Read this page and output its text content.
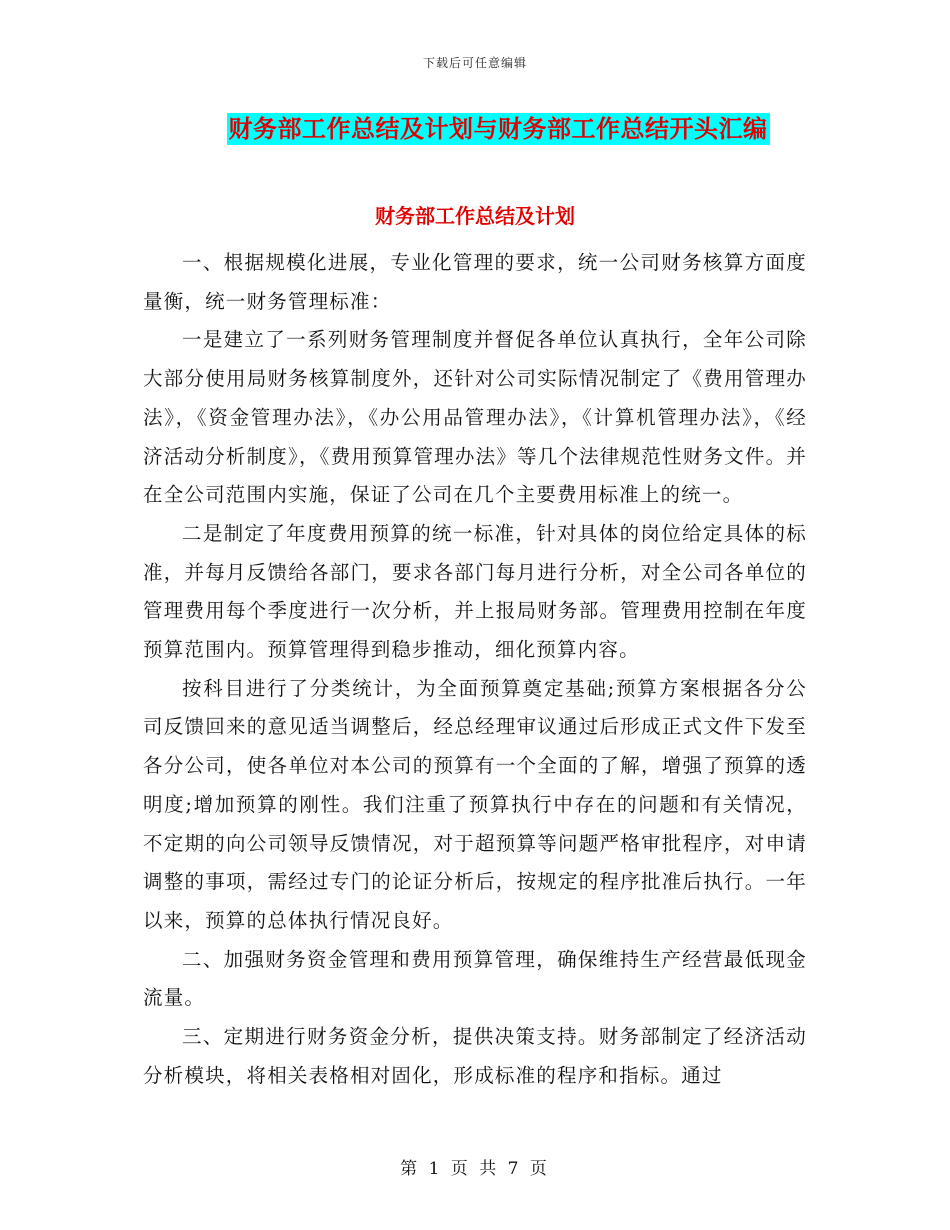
下载后可任意编辑
财务部工作总结及计划与财务部工作总结开头汇编
财务部工作总结及计划

一、根据规模化进展，专业化管理的要求，统一公司财务核算方面度量衡，统一财务管理标准：

一是建立了一系列财务管理制度并督促各单位认真执行，全年公司除大部分使用局财务核算制度外，还针对公司实际情况制定了《费用管理办法》，《资金管理办法》，《办公用品管理办法》，《计算机管理办法》，《经济活动分析制度》，《费用预算管理办法》等几个法律规范性财务文件。并在全公司范围内实施，保证了公司在几个主要费用标准上的统一。

二是制定了年度费用预算的统一标准，针对具体的岗位给定具体的标准，并每月反馈给各部门，要求各部门每月进行分析，对全公司各单位的管理费用每个季度进行一次分析，并上报局财务部。管理费用控制在年度预算范围内。预算管理得到稳步推动，细化预算内容。

按科目进行了分类统计，为全面预算奠定基础;预算方案根据各分公司反馈回来的意见适当调整后，经总经理审议通过后形成正式文件下发至各分公司，使各单位对本公司的预算有一个全面的了解，增强了预算的透明度;增加预算的刚性。我们注重了预算执行中存在的问题和有关情况，不定期的向公司领导反馈情况，对于超预算等问题严格审批程序，对申请调整的事项，需经过专门的论证分析后，按规定的程序批准后执行。一年以来，预算的总体执行情况良好。

二、加强财务资金管理和费用预算管理，确保维持生产经营最低现金流量。

三、定期进行财务资金分析，提供决策支持。财务部制定了经济活动分析模块，将相关表格相对固化，形成标准的程序和指标。通过

第 1 页 共 7 页
